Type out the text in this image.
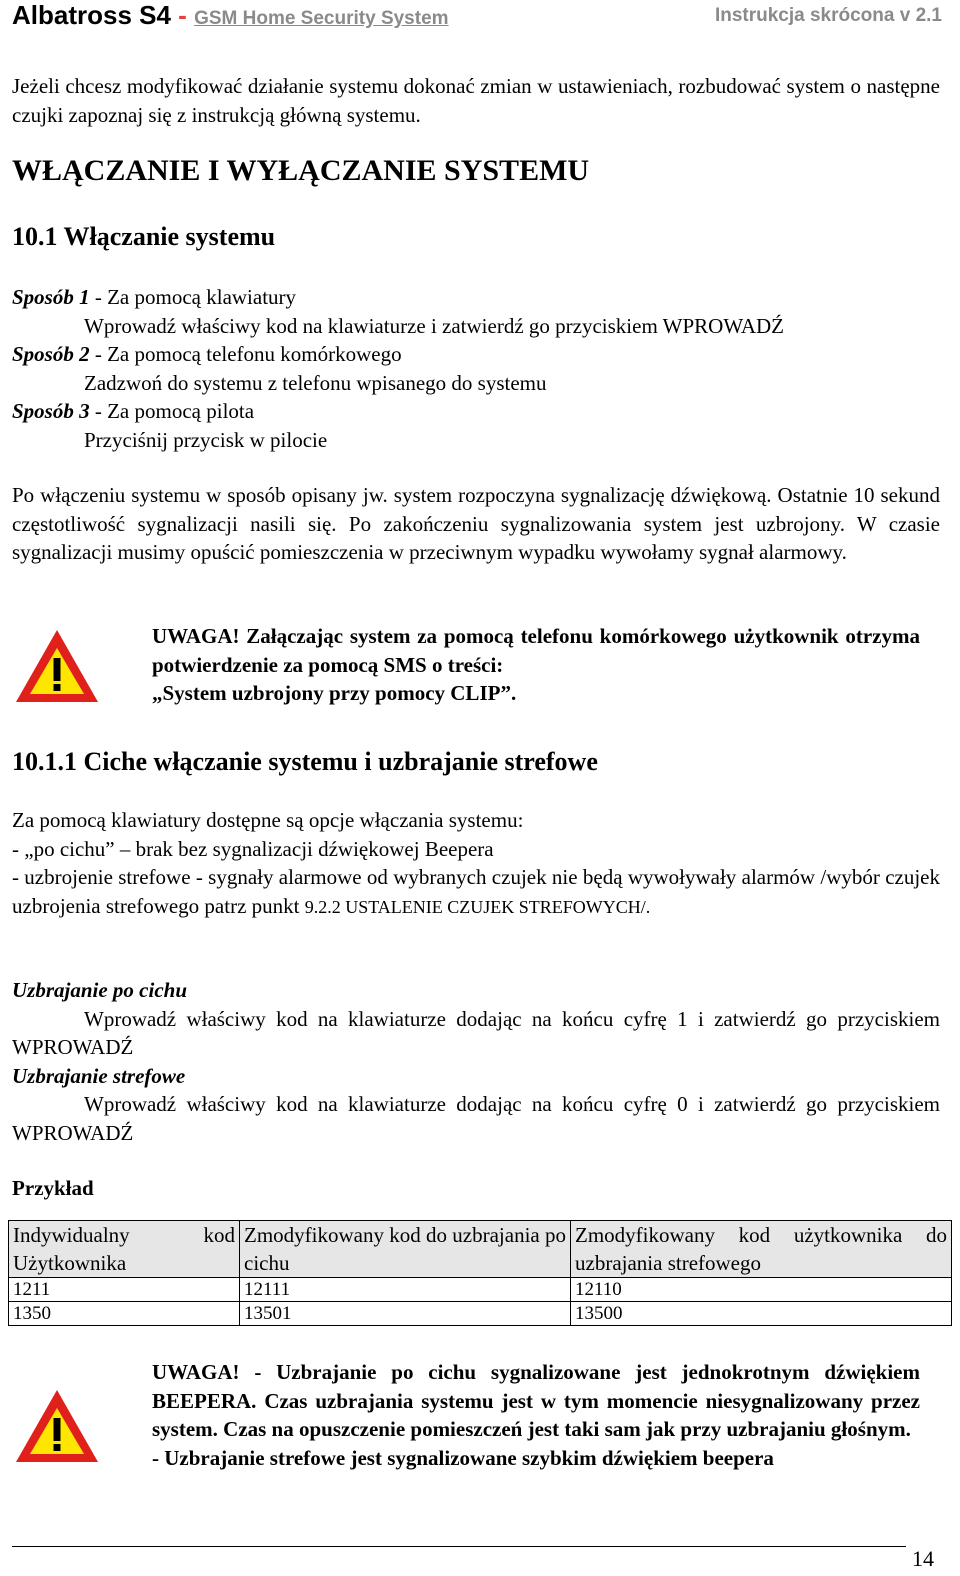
Albatross S4 - GSM Home Security System	Instrukcja skrócona v 2.1

Jeżeli chcesz modyfikować działanie systemu dokonać zmian w ustawieniach, rozbudować system o następne czujki zapoznaj się z instrukcją główną systemu.

WŁĄCZANIE I WYŁĄCZANIE SYSTEMU
10.1 Włączanie systemu
Sposób 1 - Za pomocą klawiatury
Wprowadź właściwy kod na klawiaturze i zatwierdź go przyciskiem WPROWADŹ
Sposób 2 - Za pomocą telefonu komórkowego
Zadzwoń do systemu z telefonu wpisanego do systemu
Sposób 3 - Za pomocą pilota
Przyciśnij przycisk w pilocie

Po włączeniu systemu w sposób opisany jw. system rozpoczyna sygnalizację dźwiękową. Ostatnie 10 sekund częstotliwość sygnalizacji nasili się. Po zakończeniu sygnalizowania system jest uzbrojony. W czasie sygnalizacji musimy opuścić pomieszczenia w przeciwnym wypadku wywołamy sygnał alarmowy.

UWAGA! Załączając system za pomocą telefonu komórkowego użytkownik otrzyma potwierdzenie za pomocą SMS o treści:

„System uzbrojony przy pomocy CLIP”.
10.1.1 Ciche włączanie systemu i uzbrajanie strefowe
Za pomocą klawiatury dostępne są opcje włączania systemu:
- „po cichu” – brak bez sygnalizacji dźwiękowej Beepera

- uzbrojenie strefowe - sygnały alarmowe od wybranych czujek nie będą wywoływały alarmów /wybór czujek uzbrojenia strefowego patrz punkt 9.2.2 USTALENIE CZUJEK STREFOWYCH/.

Uzbrajanie po cichu

Wprowadź właściwy kod na klawiaturze dodając na końcu cyfrę 1 i zatwierdź go przyciskiem WPROWADŹ

Uzbrajanie strefowe

Wprowadź właściwy kod na klawiaturze dodając na końcu cyfrę 0 i zatwierdź go przyciskiem WPROWADŹ

Przykład
Indywidualny kod Użytkownika	Zmodyfikowany kod do uzbrajania po cichu	Zmodyfikowany kod użytkownika do uzbrajania strefowego
1211	12111	12110
1350	13501	13500

UWAGA! - Uzbrajanie po cichu sygnalizowane jest jednokrotnym dźwiękiem BEEPERA. Czas uzbrajania systemu jest w tym momencie niesygnalizowany przez system. Czas na opuszczenie pomieszczeń jest taki sam jak przy uzbrajaniu głośnym.

- Uzbrajanie strefowe jest sygnalizowane szybkim dźwiękiem beepera

14
